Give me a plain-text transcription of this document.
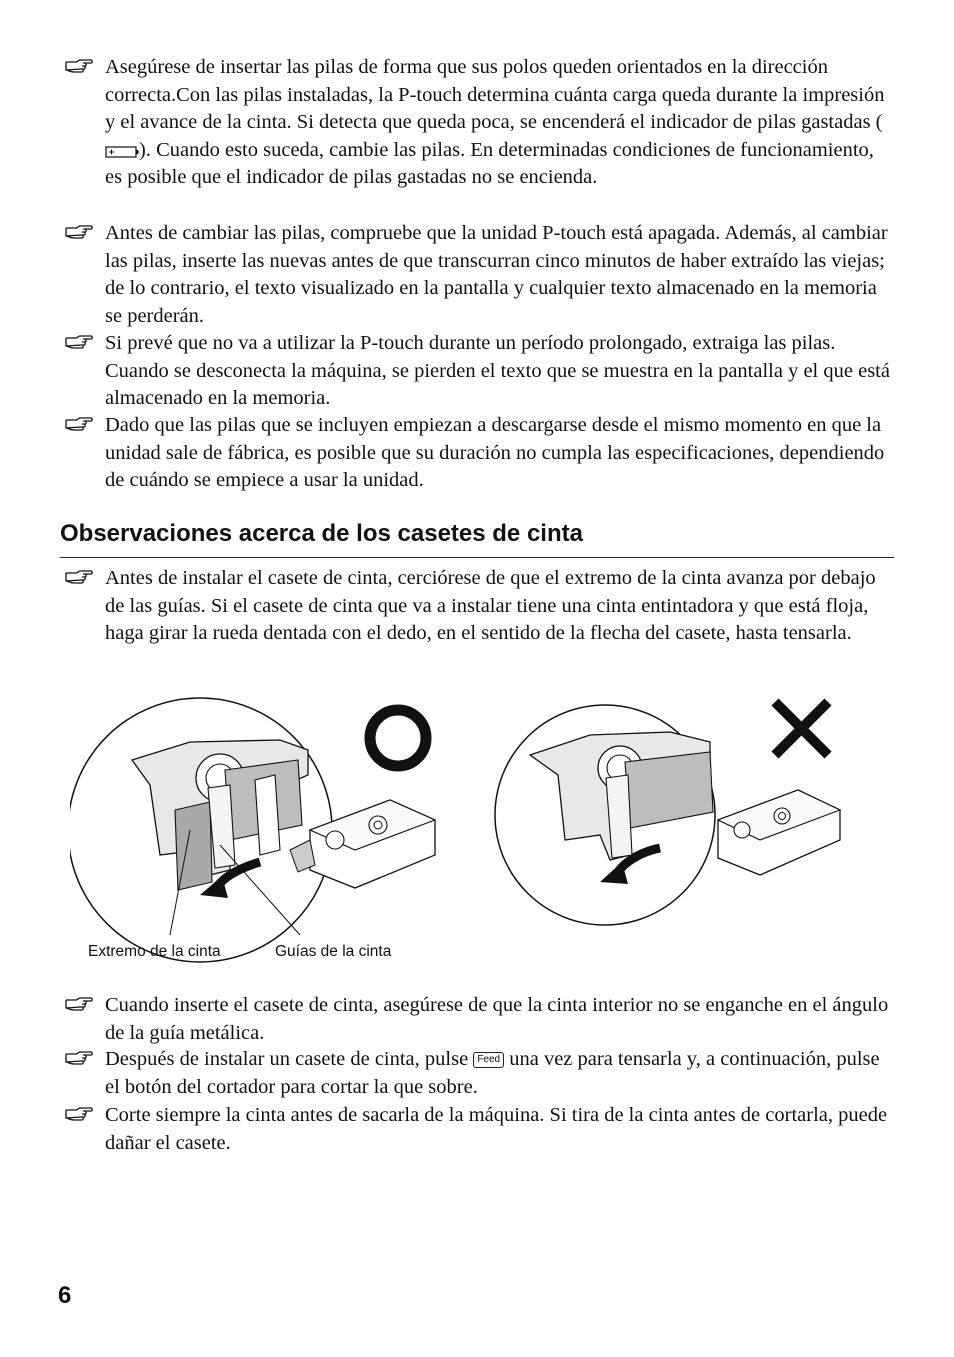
Asegúrese de insertar las pilas de forma que sus polos queden orientados en la dirección correcta.Con las pilas instaladas, la P-touch determina cuánta carga queda durante la impresión y el avance de la cinta. Si detecta que queda poca, se encenderá el indicador de pilas gastadas (). Cuando esto suceda, cambie las pilas. En determinadas condiciones de funcionamiento, es posible que el indicador de pilas gastadas no se encienda.
Antes de cambiar las pilas, compruebe que la unidad P-touch está apagada. Además, al cambiar las pilas, inserte las nuevas antes de que transcurran cinco minutos de haber extraído las viejas; de lo contrario, el texto visualizado en la pantalla y cualquier texto almacenado en la memoria se perderán.
Si prevé que no va a utilizar la P-touch durante un período prolongado, extraiga las pilas. Cuando se desconecta la máquina, se pierden el texto que se muestra en la pantalla y el que está almacenado en la memoria.
Dado que las pilas que se incluyen empiezan a descargarse desde el mismo momento en que la unidad sale de fábrica, es posible que su duración no cumpla las especificaciones, dependiendo de cuándo se empiece a usar la unidad.
Observaciones acerca de los casetes de cinta
Antes de instalar el casete de cinta, cerciórese de que el extremo de la cinta avanza por debajo de las guías. Si el casete de cinta que va a instalar tiene una cinta entintadora y que está floja, haga girar la rueda dentada con el dedo, en el sentido de la flecha del casete, hasta tensarla.
Extremo de la cinta	Guías de la cinta
Cuando inserte el casete de cinta, asegúrese de que la cinta interior no se enganche en el ángulo de la guía metálica.
Después de instalar un casete de cinta, pulse Feed una vez para tensarla y, a continuación, pulse el botón del cortador para cortar la que sobre.
Corte siempre la cinta antes de sacarla de la máquina. Si tira de la cinta antes de cortarla, puede dañar el casete.
6
